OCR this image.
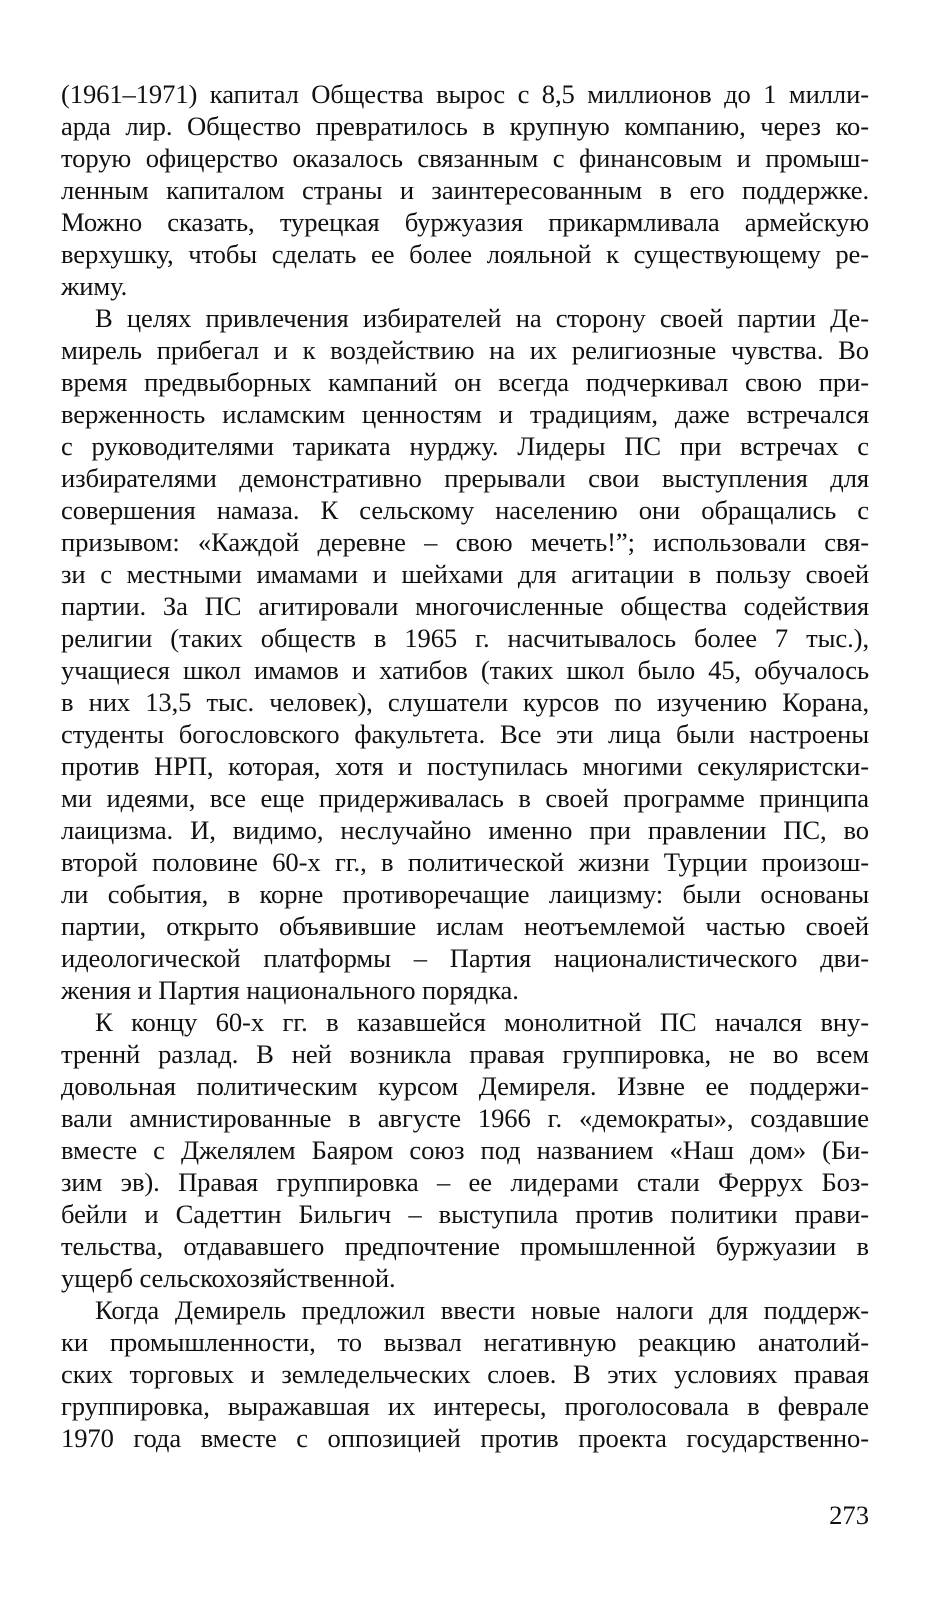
(1961–1971) капитал Общества вырос с 8,5 миллионов до 1 милли-
арда лир. Общество превратилось в крупную компанию, через ко-
торую офицерство оказалось связанным с финансовым и промыш-
ленным капиталом страны и заинтересованным в его поддержке.
Можно сказать, турецкая буржуазия прикармливала армейскую
верхушку, чтобы сделать ее более лояльной к существующему ре-
жиму.
В целях привлечения избирателей на сторону своей партии Де-
мирель прибегал и к воздействию на их религиозные чувства. Во
время предвыборных кампаний он всегда подчеркивал свою при-
верженность исламским ценностям и традициям, даже встречался
с руководителями тариката нурджу. Лидеры ПС при встречах с
избирателями демонстративно прерывали свои выступления для
совершения намаза. К сельскому населению они обращались с
призывом: «Каждой деревне – свою мечеть!”; использовали свя-
зи с местными имамами и шейхами для агитации в пользу своей
партии. За ПС агитировали многочисленные общества содействия
религии (таких обществ в 1965 г. насчитывалось более 7 тыс.),
учащиеся школ имамов и хатибов (таких школ было 45, обучалось
в них 13,5 тыс. человек), слушатели курсов по изучению Корана,
студенты богословского факультета. Все эти лица были настроены
против НРП, которая, хотя и поступилась многими секуляристски-
ми идеями, все еще придерживалась в своей программе принципа
лаицизма. И, видимо, неслучайно именно при правлении ПС, во
второй половине 60-х гг., в политической жизни Турции произош-
ли события, в корне противоречащие лаицизму: были основаны
партии, открыто объявившие ислам неотъемлемой частью своей
идеологической платформы – Партия националистического дви-
жения и Партия национального порядка.
К концу 60-х гг. в казавшейся монолитной ПС начался вну-
треннй разлад. В ней возникла правая группировка, не во всем
довольная политическим курсом Демиреля. Извне ее поддержи-
вали амнистированные в августе 1966 г. «демократы», создавшие
вместе с Джелялем Баяром союз под названием «Наш дом» (Би-
зим эв). Правая группировка – ее лидерами стали Феррух Боз-
бейли и Садеттин Бильгич – выступила против политики прави-
тельства, отдававшего предпочтение промышленной буржуазии в
ущерб сельскохозяйственной.
Когда Демирель предложил ввести новые налоги для поддерж-
ки промышленности, то вызвал негативную реакцию анатолий-
ских торговых и земледельческих слоев. В этих условиях правая
группировка, выражавшая их интересы, проголосовала в феврале
1970 года вместе с оппозицией против проекта государственно-
273
